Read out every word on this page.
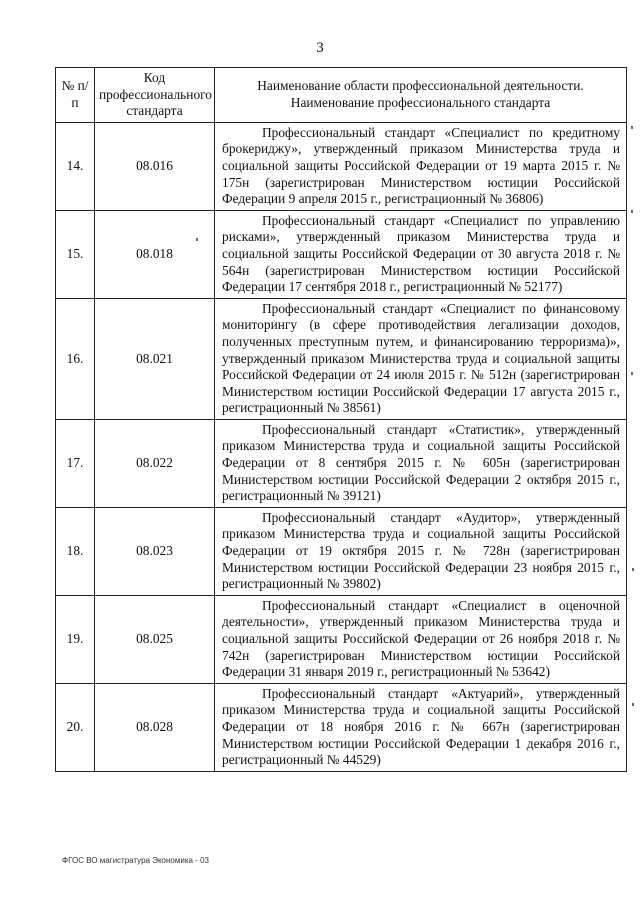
3
№ п/п	Код профессионального стандарта	Наименование области профессиональной деятельности. Наименование профессионального стандарта
14.	08.016	Профессиональный стандарт «Специалист по кредитному брокериджу», утвержденный приказом Министерства труда и социальной защиты Российской Федерации от 19 марта 2015 г. № 175н (зарегистрирован Министерством юстиции Российской Федерации 9 апреля 2015 г., регистрационный № 36806)
15.	08.018	Профессиональный стандарт «Специалист по управлению рисками», утвержденный приказом Министерства труда и социальной защиты Российской Федерации от 30 августа 2018 г. № 564н (зарегистрирован Министерством юстиции Российской Федерации 17 сентября 2018 г., регистрационный № 52177)
16.	08.021	Профессиональный стандарт «Специалист по финансовому мониторингу (в сфере противодействия легализации доходов, полученных преступным путем, и финансированию терроризма)», утвержденный приказом Министерства труда и социальной защиты Российской Федерации от 24 июля 2015 г. № 512н (зарегистрирован Министерством юстиции Российской Федерации 17 августа 2015 г., регистрационный № 38561)
17.	08.022	Профессиональный стандарт «Статистик», утвержденный приказом Министерства труда и социальной защиты Российской Федерации от 8 сентября 2015 г. № 605н (зарегистрирован Министерством юстиции Российской Федерации 2 октября 2015 г., регистрационный № 39121)
18.	08.023	Профессиональный стандарт «Аудитор», утвержденный приказом Министерства труда и социальной защиты Российской Федерации от 19 октября 2015 г. № 728н (зарегистрирован Министерством юстиции Российской Федерации 23 ноября 2015 г., регистрационный № 39802)
19.	08.025	Профессиональный стандарт «Специалист в оценочной деятельности», утвержденный приказом Министерства труда и социальной защиты Российской Федерации от 26 ноября 2018 г. № 742н (зарегистрирован Министерством юстиции Российской Федерации 31 января 2019 г., регистрационный № 53642)
20.	08.028	Профессиональный стандарт «Актуарий», утвержденный приказом Министерства труда и социальной защиты Российской Федерации от 18 ноября 2016 г. № 667н (зарегистрирован Министерством юстиции Российской Федерации 1 декабря 2016 г., регистрационный № 44529)
ФГОС ВО магистратура Экономика - 03
